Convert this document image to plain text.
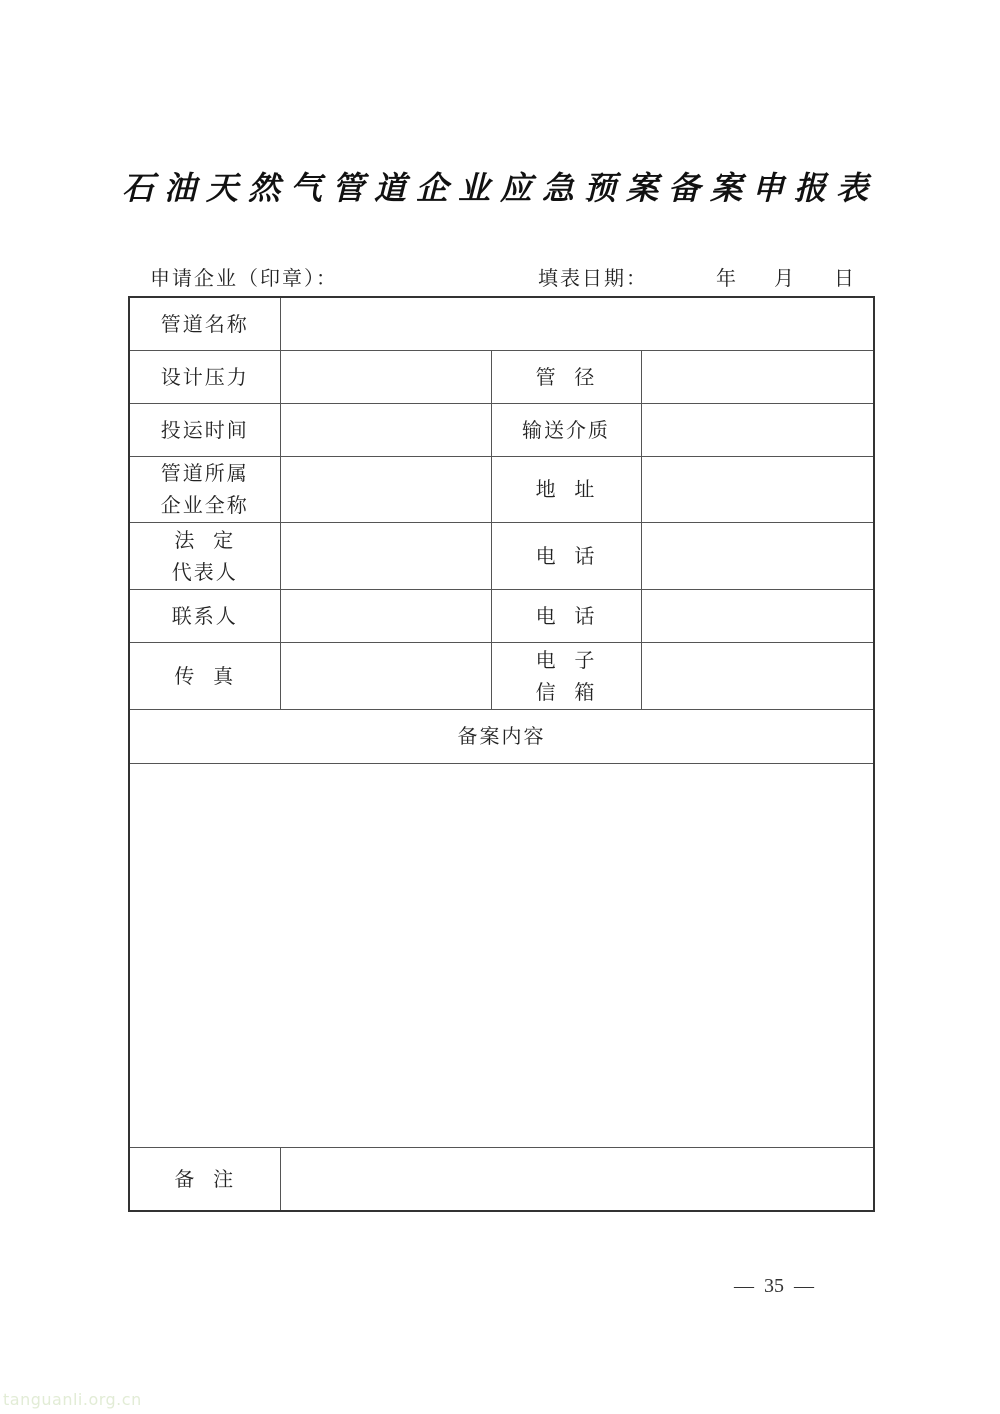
石油天然气管道企业应急预案备案申报表
申请企业（印章）：	填表日期：	年 月 日
管道名称			
设计压力		管  径	
投运时间		输送介质	

管道所属
企业全称		地  址	

法  定
代表人		电  话	
联系人		电  话	
传  真		电  子
信  箱	

备案内容			

备  注			
—  35  —
tanguanli.org.cn
